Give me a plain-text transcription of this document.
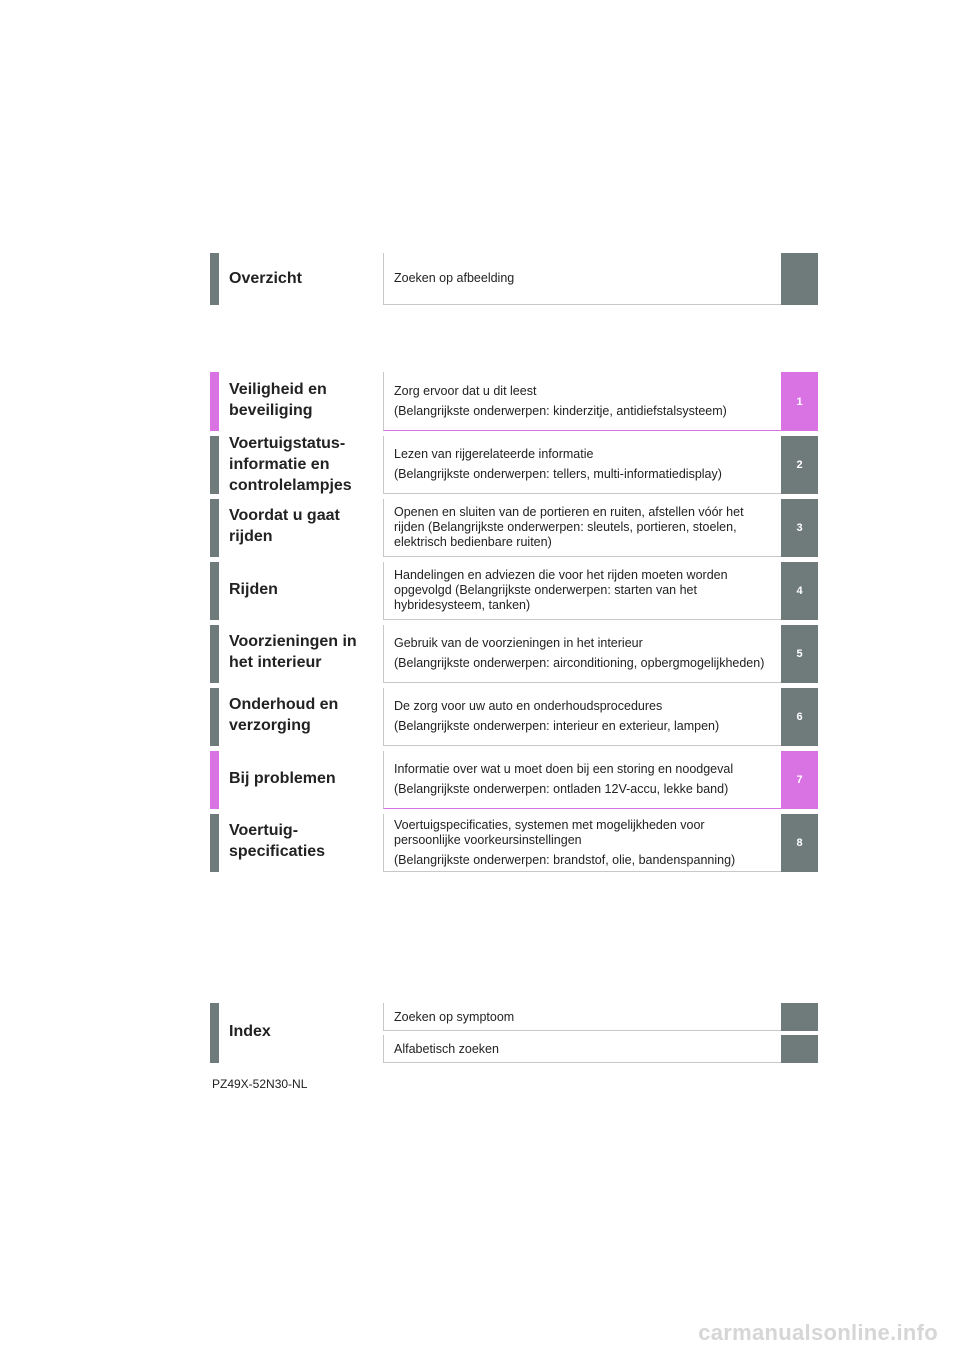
Overzicht	Zoeken op afbeelding

Veiligheid en beveiliging

Zorg ervoor dat u dit leest

(Belangrijkste onderwerpen: kinderzitje, antidiefstalsysteem)

1
Voertuigstatus-informatie en controlelampjes

Lezen van rijgerelateerde informatie

(Belangrijkste onderwerpen: tellers, multi-informatiedisplay)

2
Voordat u gaat rijden

Openen en sluiten van de portieren en ruiten, afstellen vóór het rijden (Belangrijkste onderwerpen: sleutels, portieren, stoelen, elektrisch bedienbare ruiten)

3
Rijden

Handelingen en adviezen die voor het rijden moeten worden opgevolgd (Belangrijkste onderwerpen: starten van het hybridesysteem, tanken)

4
Voorzieningen in het interieur

Gebruik van de voorzieningen in het interieur

(Belangrijkste onderwerpen: airconditioning, opbergmogelijkheden)

5
Onderhoud en verzorging

De zorg voor uw auto en onderhoudsprocedures

(Belangrijkste onderwerpen: interieur en exterieur, lampen)

6
Bij problemen

Informatie over wat u moet doen bij een storing en noodgeval

(Belangrijkste onderwerpen: ontladen 12V-accu, lekke band)

7
Voertuig-specificaties

Voertuigspecificaties, systemen met mogelijkheden voor persoonlijke voorkeursinstellingen

(Belangrijkste onderwerpen: brandstof, olie, bandenspanning)

8
Index
Zoeken op symptoom
Alfabetisch zoeken
PZ49X-52N30-NL
carmanualsonline.info
